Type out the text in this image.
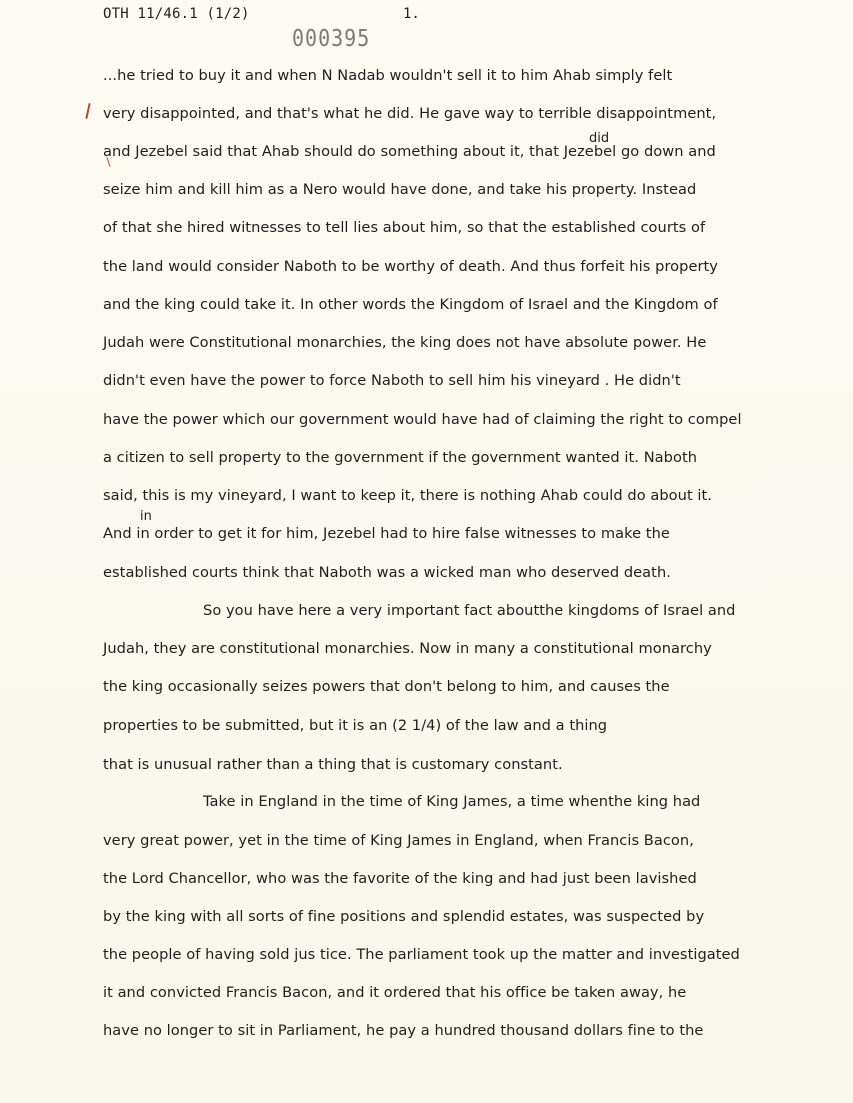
OTH 11/46.1 (1/2)	1.
000395
did
in
...he tried to buy it and when N Nadab wouldn't sell it to him Ahab simply felt
very disappointed, and that's what he did. He gave way to terrible disappointment,
and Jezebel said that Ahab should do something about it, that Jezebel go down and
seize him and kill him as a Nero would have done, and take his property. Instead
of that she hired witnesses to tell lies about him, so that the established courts of
the land would consider Naboth to be worthy of death. And thus forfeit his property
and the king could take it. In other words the Kingdom of Israel and the Kingdom of
Judah were Constitutional monarchies, the king does not have absolute power. He
didn't even have the power to force Naboth to sell him his vineyard . He didn't
have the power which our government would have had of claiming the right to compel
a citizen to sell property to the government if the government wanted it. Naboth
said, this is my vineyard, I want to keep it, there is nothing Ahab could do about it.
And in order to get it for him, Jezebel had to hire false witnesses to make the
established courts think that Naboth was a wicked man who deserved death.
So you have here a very important fact aboutthe kingdoms of Israel and
Judah, they are constitutional monarchies. Now in many a constitutional monarchy
the king occasionally seizes powers that don't belong to him, and causes the
properties to be submitted, but it is an (2 1/4) of the law and a thing
that is unusual rather than a thing that is customary constant.
Take in England in the time of King James, a time whenthe king had
very great power, yet in the time of King James in England, when Francis Bacon,
the Lord Chancellor, who was the favorite of the king and had just been lavished
by the king with all sorts of fine positions and splendid estates, was suspected by
the people of having sold jus tice. The parliament took up the matter and investigated
it and convicted Francis Bacon, and it ordered that his office be taken away, he
have no longer to sit in Parliament, he pay a hundred thousand dollars fine to the
